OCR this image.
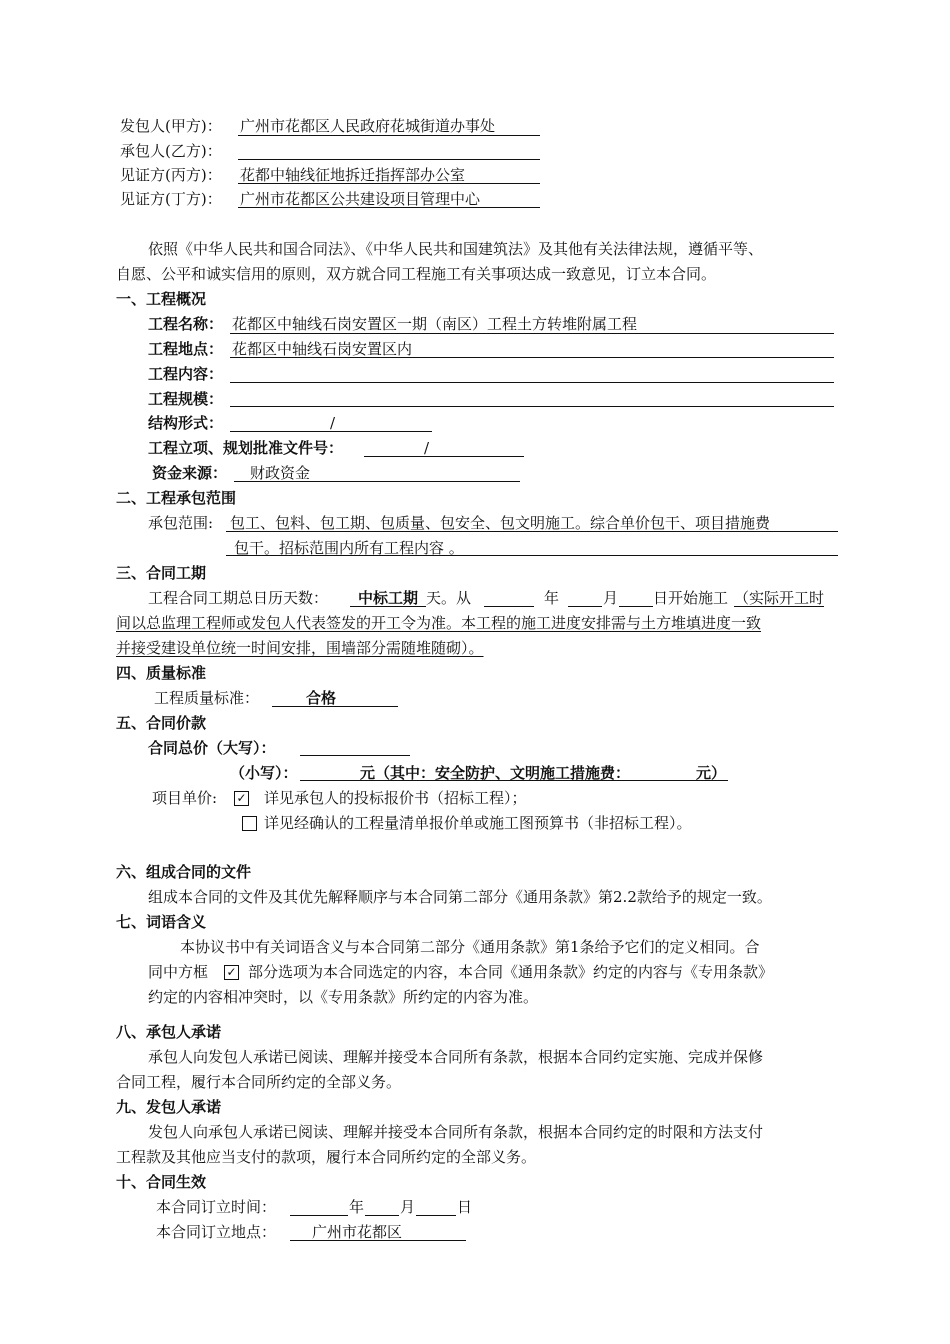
发包人(甲方)： 广州市花都区人民政府花城街道办事处
承包人(乙方)：
见证方(丙方)： 花都中轴线征地拆迁指挥部办公室
见证方(丁方)： 广州市花都区公共建设项目管理中心
依照《中华人民共和国合同法》、《中华人民共和国建筑法》及其他有关法律法规，遵循平等、
自愿、公平和诚实信用的原则，双方就合同工程施工有关事项达成一致意见，订立本合同。
一、工程概况
工程名称： 花都区中轴线石岗安置区一期（南区）工程土方转堆附属工程
工程地点： 花都区中轴线石岗安置区内
工程内容：
工程规模：
结构形式：	/
工程立项、规划批准文件号：	/
资金来源： 财政资金
二、工程承包范围
承包范围: 包工、包料、包工期、包质量、包安全、包文明施工。综合单价包干、项目措施费
包干。招标范围内所有工程内容 。
三、合同工期
工程合同工期总日历天数： 中标工期 天。从	年	月 日开始施工 （实际开工时
间以总监理工程师或发包人代表签发的开工令为准。本工程的施工进度安排需与土方堆填进度一致
并接受建设单位统一时间安排，围墙部分需随堆随砌）。
四、质量标准
工程质量标准：	合格
五、合同价款
合同总价（大写）：
（小写）：	元（其中：安全防护、文明施工措施费：	元）
项目单价: ✓ 详见承包人的投标报价书（招标工程）；
详见经确认的工程量清单报价单或施工图预算书（非招标工程）。
六、组成合同的文件
组成本合同的文件及其优先解释顺序与本合同第二部分《通用条款》第2.2款给予的规定一致。
七、词语含义
本协议书中有关词语含义与本合同第二部分《通用条款》第1条给予它们的定义相同。合
同中方框 ✓ 部分选项为本合同选定的内容，本合同《通用条款》约定的内容与《专用条款》
约定的内容相冲突时，以《专用条款》所约定的内容为准。
八、承包人承诺
承包人向发包人承诺已阅读、理解并接受本合同所有条款，根据本合同约定实施、完成并保修
合同工程，履行本合同所约定的全部义务。
九、发包人承诺
发包人向承包人承诺已阅读、理解并接受本合同所有条款，根据本合同约定的时限和方法支付
工程款及其他应当支付的款项，履行本合同所约定的全部义务。
十、合同生效
本合同订立时间：	年 月	日
本合同订立地点： 广州市花都区
